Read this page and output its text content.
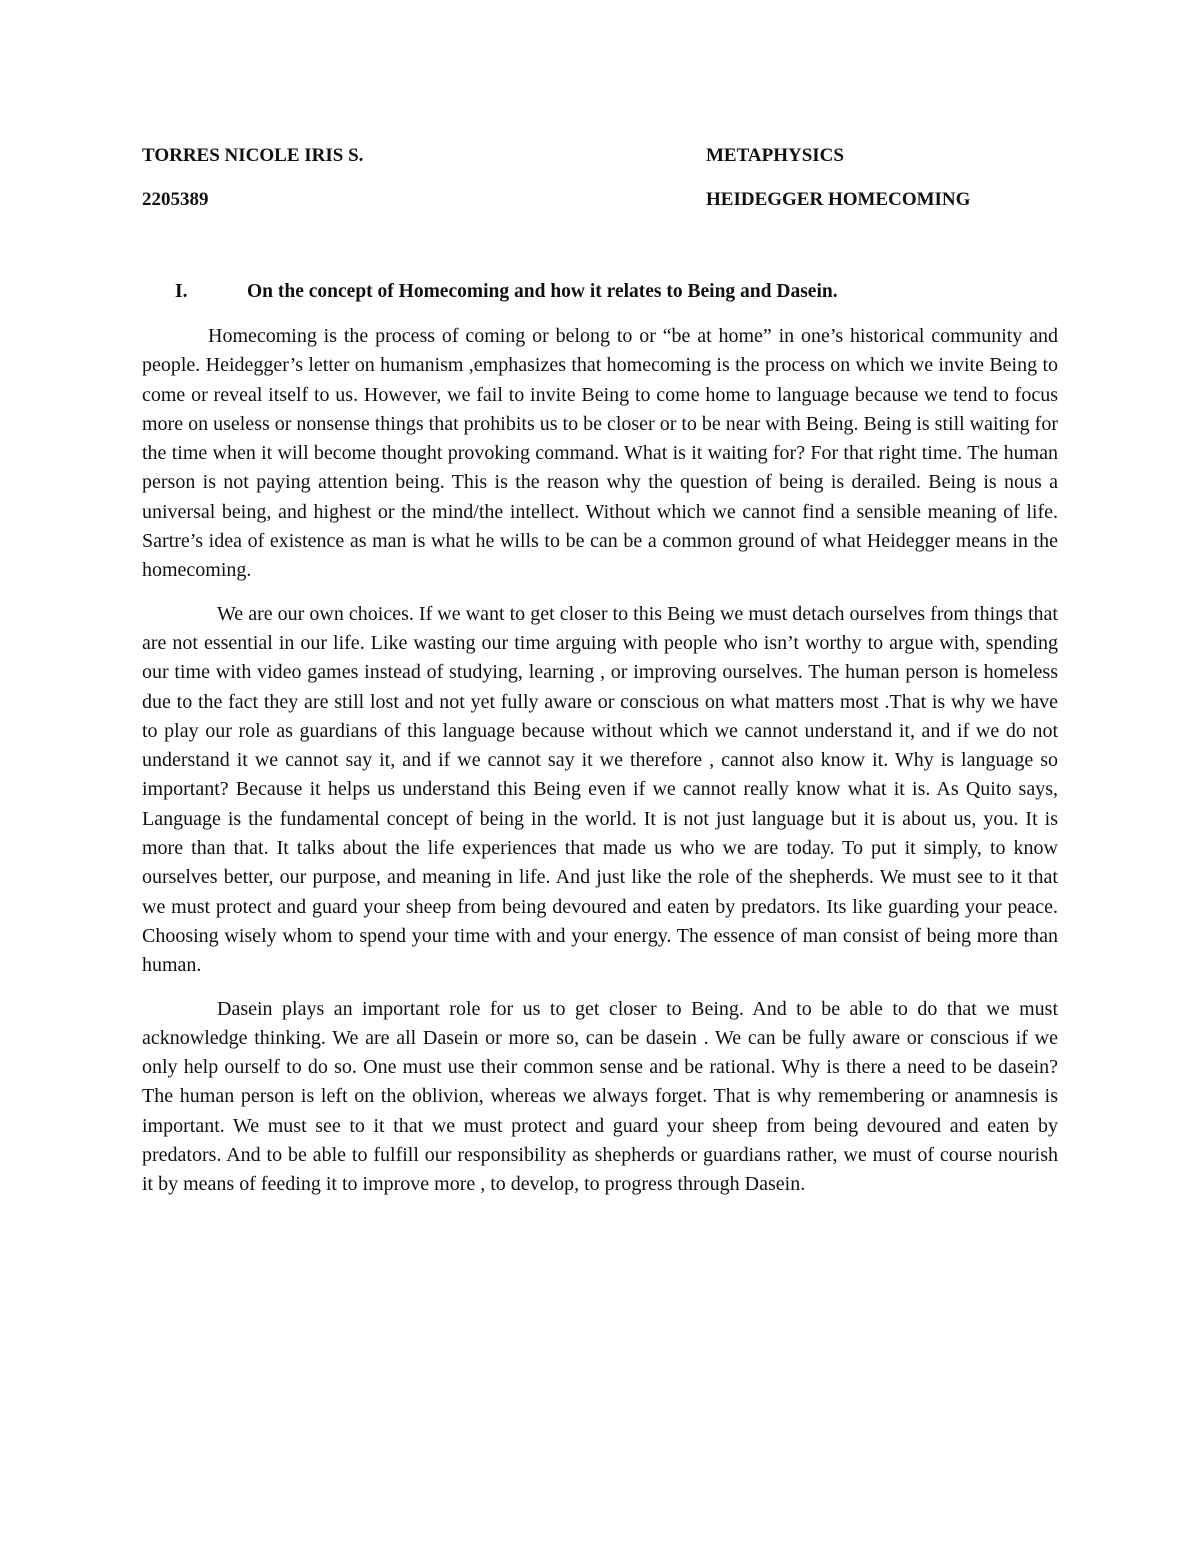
TORRES NICOLE IRIS S.	METAPHYSICS
2205389	HEIDEGGER HOMECOMING
I.	On the concept of Homecoming and how it relates to Being and Dasein.

Homecoming is the process of coming or belong to or “be at home” in one’s historical community and people. Heidegger’s letter on humanism ,emphasizes that homecoming is the process on which we invite Being to come or reveal itself to us. However, we fail to invite Being to come home to language because we tend to focus more on useless or nonsense things that prohibits us to be closer or to be near with Being. Being is still waiting for the time when it will become thought provoking command. What is it waiting for? For that right time. The human person is not paying attention being. This is the reason why the question of being is derailed. Being is nous a universal being, and highest or the mind/the intellect. Without which we cannot find a sensible meaning of life. Sartre’s idea of existence as man is what he wills to be can be a common ground of what Heidegger means in the homecoming.

We are our own choices. If we want to get closer to this Being we must detach ourselves from things that are not essential in our life. Like wasting our time arguing with people who isn’t worthy to argue with, spending our time with video games instead of studying, learning , or improving ourselves. The human person is homeless due to the fact they are still lost and not yet fully aware or conscious on what matters most .That is why we have to play our role as guardians of this language because without which we cannot understand it, and if we do not understand it we cannot say it, and if we cannot say it we therefore , cannot also know it. Why is language so important? Because it helps us understand this Being even if we cannot really know what it is. As Quito says, Language is the fundamental concept of being in the world. It is not just language but it is about us, you. It is more than that. It talks about the life experiences that made us who we are today. To put it simply, to know ourselves better, our purpose, and meaning in life. And just like the role of the shepherds. We must see to it that we must protect and guard your sheep from being devoured and eaten by predators. Its like guarding your peace. Choosing wisely whom to spend your time with and your energy. The essence of man consist of being more than human.

Dasein plays an important role for us to get closer to Being. And to be able to do that we must acknowledge thinking. We are all Dasein or more so, can be dasein . We can be fully aware or conscious if we only help ourself to do so. One must use their common sense and be rational. Why is there a need to be dasein? The human person is left on the oblivion, whereas we always forget. That is why remembering or anamnesis is important. We must see to it that we must protect and guard your sheep from being devoured and eaten by predators. And to be able to fulfill our responsibility as shepherds or guardians rather, we must of course nourish it by means of feeding it to improve more , to develop, to progress through Dasein.
